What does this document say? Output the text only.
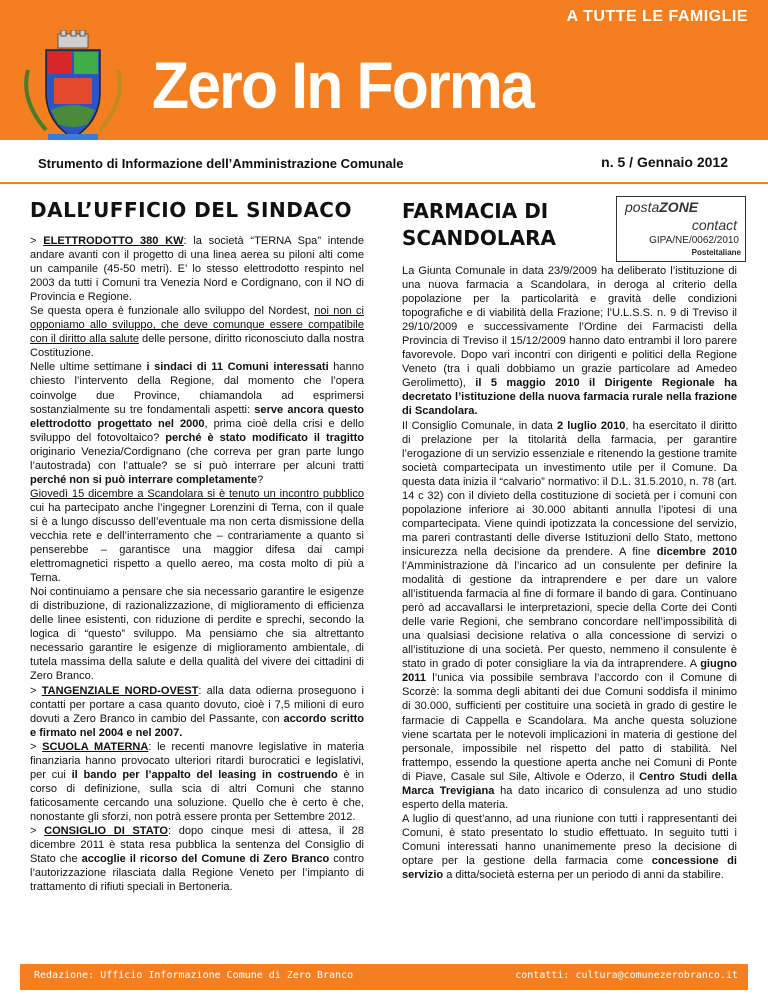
A TUTTE LE FAMIGLIE
Zero In Forma
Strumento di Informazione dell’Amministrazione Comunale	n. 5 / Gennaio 2012
DALL’UFFICIO DEL SINDACO

> ELETTRODOTTO 380 KW: la società “TERNA Spa” intende andare avanti con il progetto di una linea aerea su piloni alti come un campanile (45-50 metri). E’ lo stesso elettrodotto respinto nel 2003 da tutti i Comuni tra Venezia Nord e Cordignano, con il NO di Provincia e Regione.

Se questa opera è funzionale allo sviluppo del Nordest, noi non ci opponiamo allo sviluppo, che deve comunque essere compatibile con il diritto alla salute delle persone, diritto riconosciuto dalla nostra Costituzione.

Nelle ultime settimane i sindaci di 11 Comuni interessati hanno chiesto l’intervento della Regione, dal momento che l’opera coinvolge due Province, chiamandola ad esprimersi sostanzialmente su tre fondamentali aspetti: serve ancora questo elettrodotto progettato nel 2000, prima cioè della crisi e dello sviluppo del fotovoltaico? perché è stato modificato il tragitto originario Venezia/Cordignano (che correva per gran parte lungo l’autostrada) con l’attuale? se si può interrare per alcuni tratti perché non si può interrare completamente?

Giovedì 15 dicembre a Scandolara si è tenuto un incontro pubblico cui ha partecipato anche l’ingegner Lorenzini di Terna, con il quale si è a lungo discusso dell’eventuale ma non certa dismissione della vecchia rete e dell’interramento che – contrariamente a quanto si penserebbe – garantisce una maggior difesa dai campi elettromagnetici rispetto a quello aereo, ma costa molto di più a Terna.

Noi continuiamo a pensare che sia necessario garantire le esigenze di distribuzione, di razionalizzazione, di miglioramento di efficienza delle linee esistenti, con riduzione di perdite e sprechi, secondo la logica di “questo” sviluppo. Ma pensiamo che sia altrettanto necessario garantire le esigenze di miglioramento ambientale, di tutela massima della salute e della qualità del vivere dei cittadini di Zero Branco.

> TANGENZIALE NORD-OVEST: alla data odierna proseguono i contatti per portare a casa quanto dovuto, cioè i 7,5 milioni di euro dovuti a Zero Branco in cambio del Passante, con accordo scritto e firmato nel 2004 e nel 2007.

> SCUOLA MATERNA: le recenti manovre legislative in materia finanziaria hanno provocato ulteriori ritardi burocratici e legislativi, per cui il bando per l’appalto del leasing in costruendo è in corso di definizione, sulla scia di altri Comuni che stanno faticosamente cercando una soluzione. Quello che è certo è che, nonostante gli sforzi, non potrà essere pronta per Settembre 2012.

> CONSIGLIO DI STATO: dopo cinque mesi di attesa, il 28 dicembre 2011 è stata resa pubblica la sentenza del Consiglio di Stato che accoglie il ricorso del Comune di Zero Branco contro l’autorizzazione rilasciata dalla Regione Veneto per l’impianto di trattamento di rifiuti speciali in Bertoneria.

FARMACIA DI SCANDOLARA
postaZONE
contact
GIPA/NE/0062/2010
Posteitaliane

La Giunta Comunale in data 23/9/2009 ha deliberato l’istituzione di una nuova farmacia a Scandolara, in deroga al criterio della popolazione per la particolarità e gravità delle condizioni topografiche e di viabilità della Frazione; l’U.L.S.S. n. 9 di Treviso il 29/10/2009 e successivamente l’Ordine dei Farmacisti della Provincia di Treviso il 15/12/2009 hanno dato entrambi il loro parere favorevole. Dopo vari incontri con dirigenti e politici della Regione Veneto (tra i quali dobbiamo un grazie particolare ad Amedeo Gerolimetto), il 5 maggio 2010 il Dirigente Regionale ha decretato l’istituzione della nuova farmacia rurale nella frazione di Scandolara.

Il Consiglio Comunale, in data 2 luglio 2010, ha esercitato il diritto di prelazione per la titolarità della farmacia, per garantire l’erogazione di un servizio essenziale e ritenendo la gestione tramite società compartecipata un investimento utile per il Comune. Da questa data inizia il “calvario” normativo: il D.L. 31.5.2010, n. 78 (art. 14 c 32) con il divieto della costituzione di società per i comuni con popolazione inferiore ai 30.000 abitanti annulla l’ipotesi di una compartecipata. Viene quindi ipotizzata la concessione del servizio, ma pareri contrastanti delle diverse Istituzioni dello Stato, mettono insicurezza nella decisione da prendere. A fine dicembre 2010 l’Amministrazione dà l’incarico ad un consulente per definire la modalità di gestione da intraprendere e per dare un valore all’istituenda farmacia al fine di formare il bando di gara. Continuano però ad accavallarsi le interpretazioni, specie della Corte dei Conti delle varie Regioni, che sembrano concordare nell’impossibilità di una qualsiasi decisione relativa o alla concessione di servizi o all’istituzione di una società. Per questo, nemmeno il consulente è stato in grado di poter consigliare la via da intraprendere. A giugno 2011 l’unica via possibile sembrava l’accordo con il Comune di Scorzè: la somma degli abitanti dei due Comuni soddisfa il minimo di 30.000, sufficienti per costituire una società in grado di gestire le farmacie di Cappella e Scandolara. Ma anche questa soluzione viene scartata per le notevoli implicazioni in materia di gestione del personale, impossibile nel rispetto del patto di stabilità. Nel frattempo, essendo la questione aperta anche nei Comuni di Ponte di Piave, Casale sul Sile, Altivole e Oderzo, il Centro Studi della Marca Trevigiana ha dato incarico di consulenza ad uno studio esperto della materia.

A luglio di quest’anno, ad una riunione con tutti i rappresentanti dei Comuni, è stato presentato lo studio effettuato. In seguito tutti i Comuni interessati hanno unanimemente preso la decisione di optare per la gestione della farmacia come concessione di servizio a ditta/società esterna per un periodo di anni da stabilire.

Redazione: Ufficio Informazione Comune di Zero Branco	contatti: cultura@comunezerobranco.it
